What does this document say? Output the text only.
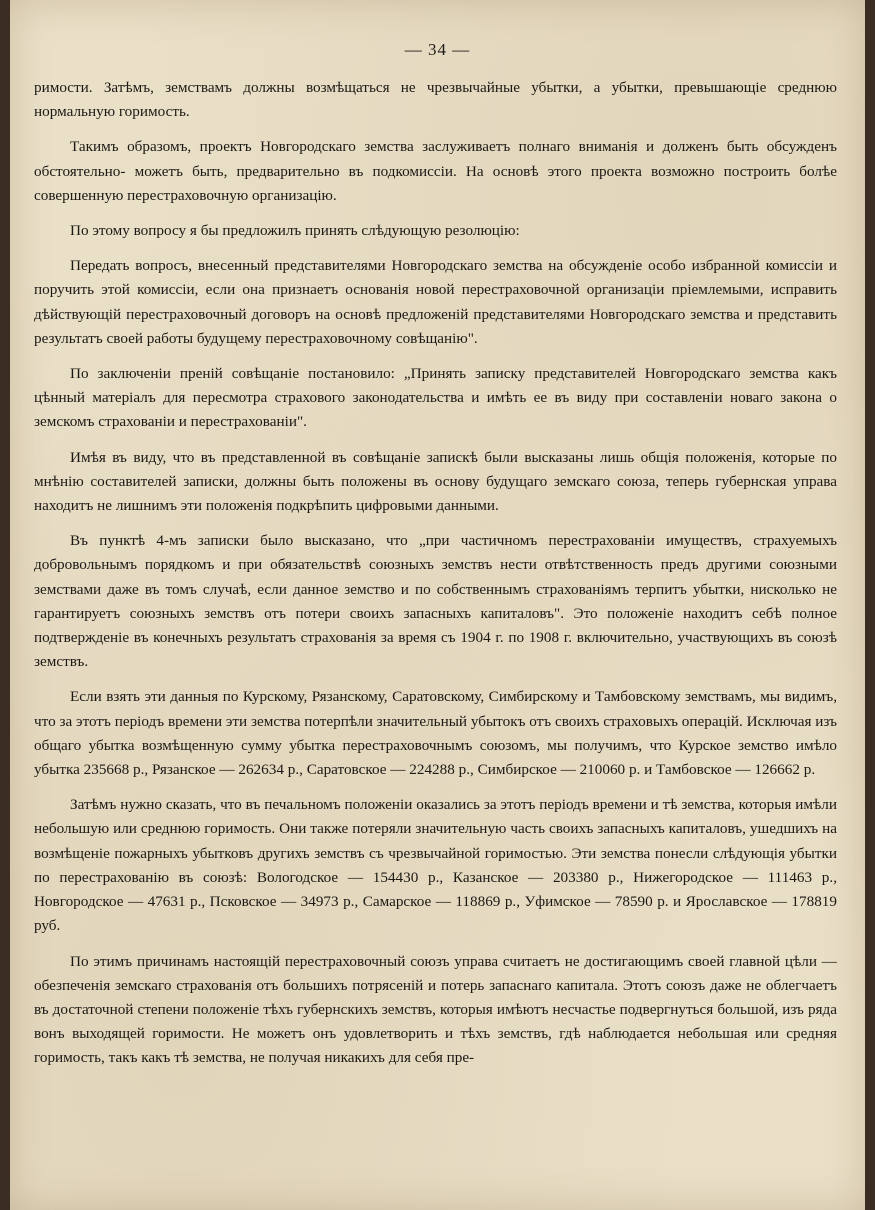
— 34 —

римости. Затѣмъ, земствамъ должны возмѣщаться не чрезвычайные убытки, а убытки, превышающіе среднюю нормальную горимость.

Такимъ образомъ, проектъ Новгородскаго земства заслуживаетъ полнаго вниманія и долженъ быть обсужденъ обстоятельно- можетъ быть, предварительно въ подкомиссіи. На основѣ этого проекта возможно построить болѣе совершенную перестраховочную организацію.

По этому вопросу я бы предложилъ принять слѣдующую резолюцію:

Передать вопросъ, внесенный представителями Новгородскаго земства на обсужденіе особо избранной комиссіи и поручить этой комиссіи, если она признаетъ основанія новой перестраховочной организаціи пріемлемыми, исправить дѣйствующій перестраховочный договоръ на основѣ предложеній представителями Новгородскаго земства и представить результатъ своей работы будущему перестраховочному совѣщанію".

По заключеніи преній совѣщаніе постановило: „Принять записку представителей Новгородскаго земства какъ цѣнный матеріалъ для пересмотра страхового законодательства и имѣть ее въ виду при составленіи новаго закона о земскомъ страхованіи и перестрахованіи".

Имѣя въ виду, что въ представленной въ совѣщаніе запискѣ были высказаны лишь общія положенія, которые по мнѣнію составителей записки, должны быть положены въ основу будущаго земскаго союза, теперь губернская управа находитъ не лишнимъ эти положенія подкрѣпить цифровыми данными.

Въ пунктѣ 4-мъ записки было высказано, что „при частичномъ перестрахованіи имуществъ, страхуемыхъ добровольнымъ порядкомъ и при обязательствѣ союзныхъ земствъ нести отвѣтственность предъ другими союзными земствами даже въ томъ случаѣ, если данное земство и по собственнымъ страхованіямъ терпитъ убытки, нисколько не гарантируетъ союзныхъ земствъ отъ потери своихъ запасныхъ капиталовъ". Это положеніе находитъ себѣ полное подтвержденіе въ конечныхъ результатъ страхованія за время съ 1904 г. по 1908 г. включительно, участвующихъ въ союзѣ земствъ.

Если взять эти данныя по Курскому, Рязанскому, Саратовскому, Симбирскому и Тамбовскому земствамъ, мы видимъ, что за этотъ періодъ времени эти земства потерпѣли значительный убытокъ отъ своихъ страховыхъ операцій. Исключая изъ общаго убытка возмѣщенную сумму убытка перестраховочнымъ союзомъ, мы получимъ, что Курское земство имѣло убытка 235668 р., Рязанское — 262634 р., Саратовское — 224288 р., Симбирское — 210060 р. и Тамбовское — 126662 р.

Затѣмъ нужно сказать, что въ печальномъ положеніи оказались за этотъ періодъ времени и тѣ земства, которыя имѣли небольшую или среднюю горимость. Они также потеряли значительную часть своихъ запасныхъ капиталовъ, ушедшихъ на возмѣщеніе пожарныхъ убытковъ другихъ земствъ съ чрезвычайной горимостью. Эти земства понесли слѣдующія убытки по перестрахованію въ союзѣ: Вологодское — 154430 р., Казанское — 203380 р., Нижегородское — 111463 р., Новгородское — 47631 р., Псковское — 34973 р., Самарское — 118869 р., Уфимское — 78590 р. и Ярославское — 178819 руб.

По этимъ причинамъ настоящій перестраховочный союзъ управа считаетъ не достигающимъ своей главной цѣли — обезпеченія земскаго страхованія отъ большихъ потрясеній и потерь запаснаго капитала. Этотъ союзъ даже не облегчаетъ въ достаточной степени положеніе тѣхъ губернскихъ земствъ, которыя имѣютъ несчастье подвергнуться большой, изъ ряда вонъ выходящей горимости. Не можетъ онъ удовлетворить и тѣхъ земствъ, гдѣ наблюдается небольшая или средняя горимость, такъ какъ тѣ земства, не получая никакихъ для себя пре-
